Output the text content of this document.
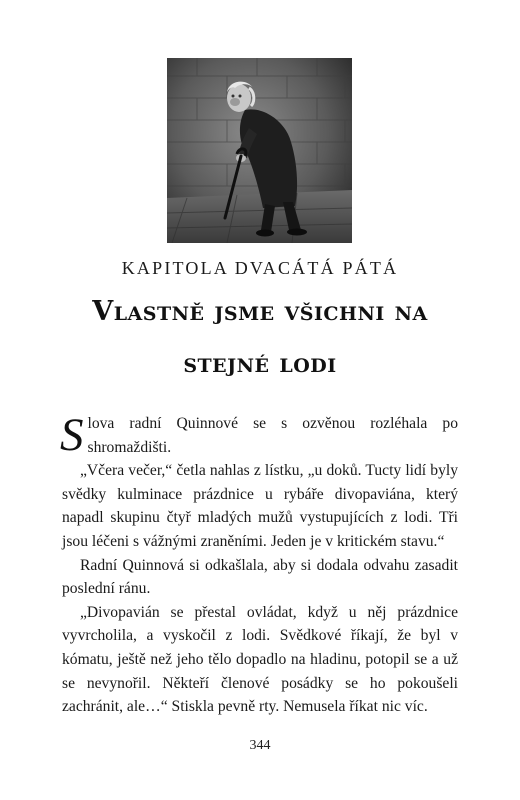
KAPITOLA DVACÁTÁ PÁTÁ
Vlastně jsme všichni na
stejné lodi

Slova radní Quinnové se s ozvěnou rozléhala po shromaždišti.

„Včera večer,“ četla nahlas z lístku, „u doků. Tucty lidí byly svědky kulminace prázdnice u rybáře divopaviána, který napadl skupinu čtyř mladých mužů vystupujících z lodi. Tři jsou léčeni s vážnými zraněními. Jeden je v kritickém stavu.“

Radní Quinnová si odkašlala, aby si dodala odvahu zasadit poslední ránu.

„Divopavián se přestal ovládat, když u něj prázdnice vyvrcholila, a vyskočil z lodi. Svědkové říkají, že byl v kómatu, ještě než jeho tělo dopadlo na hladinu, potopil se a už se nevynořil. Někteří členové posádky se ho pokoušeli zachránit, ale…“ Stiskla pevně rty. Nemusela říkat nic víc.

344
